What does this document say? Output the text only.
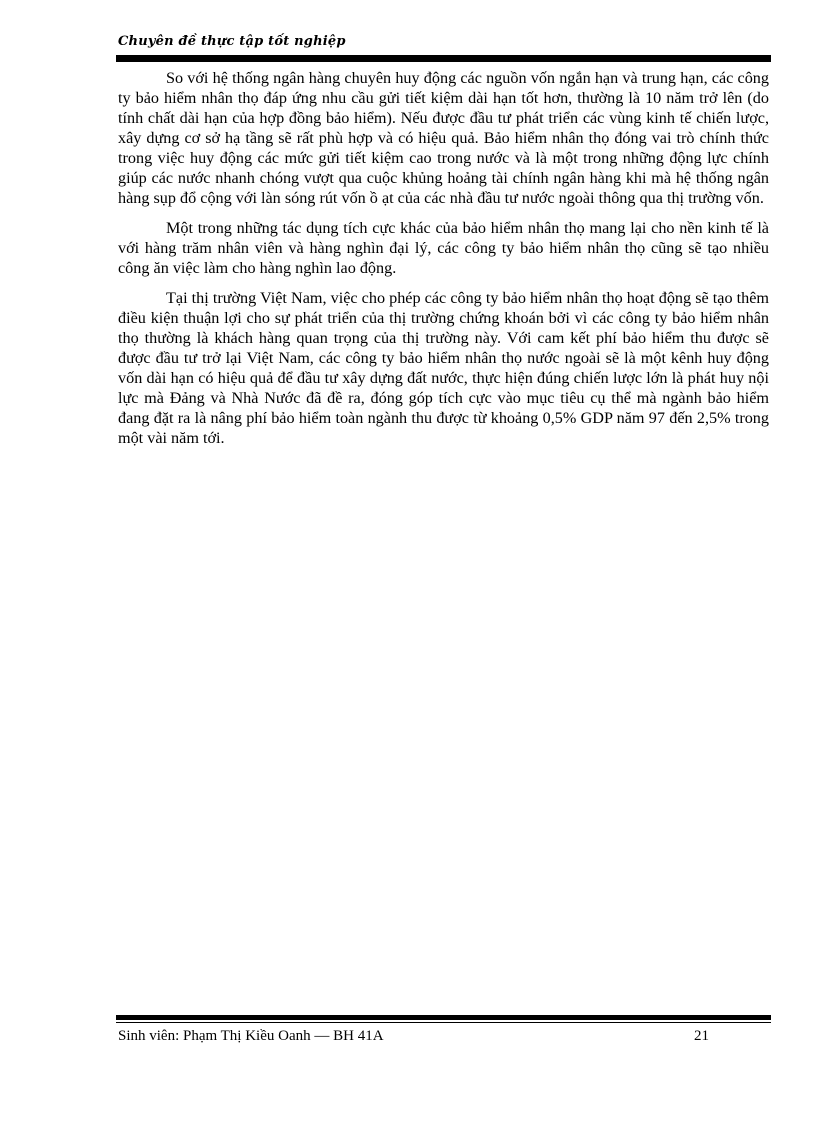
Chuyên đề thực tập tốt nghiệp

So với hệ thống ngân hàng chuyên huy động các nguồn vốn ngắn hạn và trung hạn, các công ty bảo hiểm nhân thọ đáp ứng nhu cầu gửi tiết kiệm dài hạn tốt hơn, thường là 10 năm trở lên (do tính chất dài hạn của hợp đồng bảo hiểm). Nếu được đầu tư phát triển các vùng kinh tế chiến lược, xây dựng cơ sở hạ tầng sẽ rất phù hợp và có hiệu quả. Bảo hiểm nhân thọ đóng vai trò chính thức trong việc huy động các mức gửi tiết kiệm cao trong nước và là một trong những động lực chính giúp các nước nhanh chóng vượt qua cuộc khủng hoảng tài chính ngân hàng khi mà hệ thống ngân hàng sụp đổ cộng với làn sóng rút vốn ồ ạt của các nhà đầu tư nước ngoài thông qua thị trường vốn.

Một trong những tác dụng tích cực khác của bảo hiểm nhân thọ mang lại cho nền kinh tế là với hàng trăm nhân viên và hàng nghìn đại lý, các công ty bảo hiểm nhân thọ cũng sẽ tạo nhiều công ăn việc làm cho hàng nghìn lao động.

Tại thị trường Việt Nam, việc cho phép các công ty bảo hiểm nhân thọ hoạt động sẽ tạo thêm điều kiện thuận lợi cho sự phát triển của thị trường chứng khoán bởi vì các công ty bảo hiểm nhân thọ thường là khách hàng quan trọng của thị trường này. Với cam kết phí bảo hiểm thu được sẽ được đầu tư trở lại Việt Nam, các công ty bảo hiểm nhân thọ nước ngoài sẽ là một kênh huy động vốn dài hạn có hiệu quả để đầu tư xây dựng đất nước, thực hiện đúng chiến lược lớn là phát huy nội lực mà Đảng và Nhà Nước đã đề ra, đóng góp tích cực vào mục tiêu cụ thể mà ngành bảo hiểm đang đặt ra là nâng phí bảo hiểm toàn ngành thu được từ khoảng 0,5% GDP năm 97 đến 2,5% trong một vài năm tới.

Sinh viên: Phạm Thị Kiều Oanh — BH 41A	21
